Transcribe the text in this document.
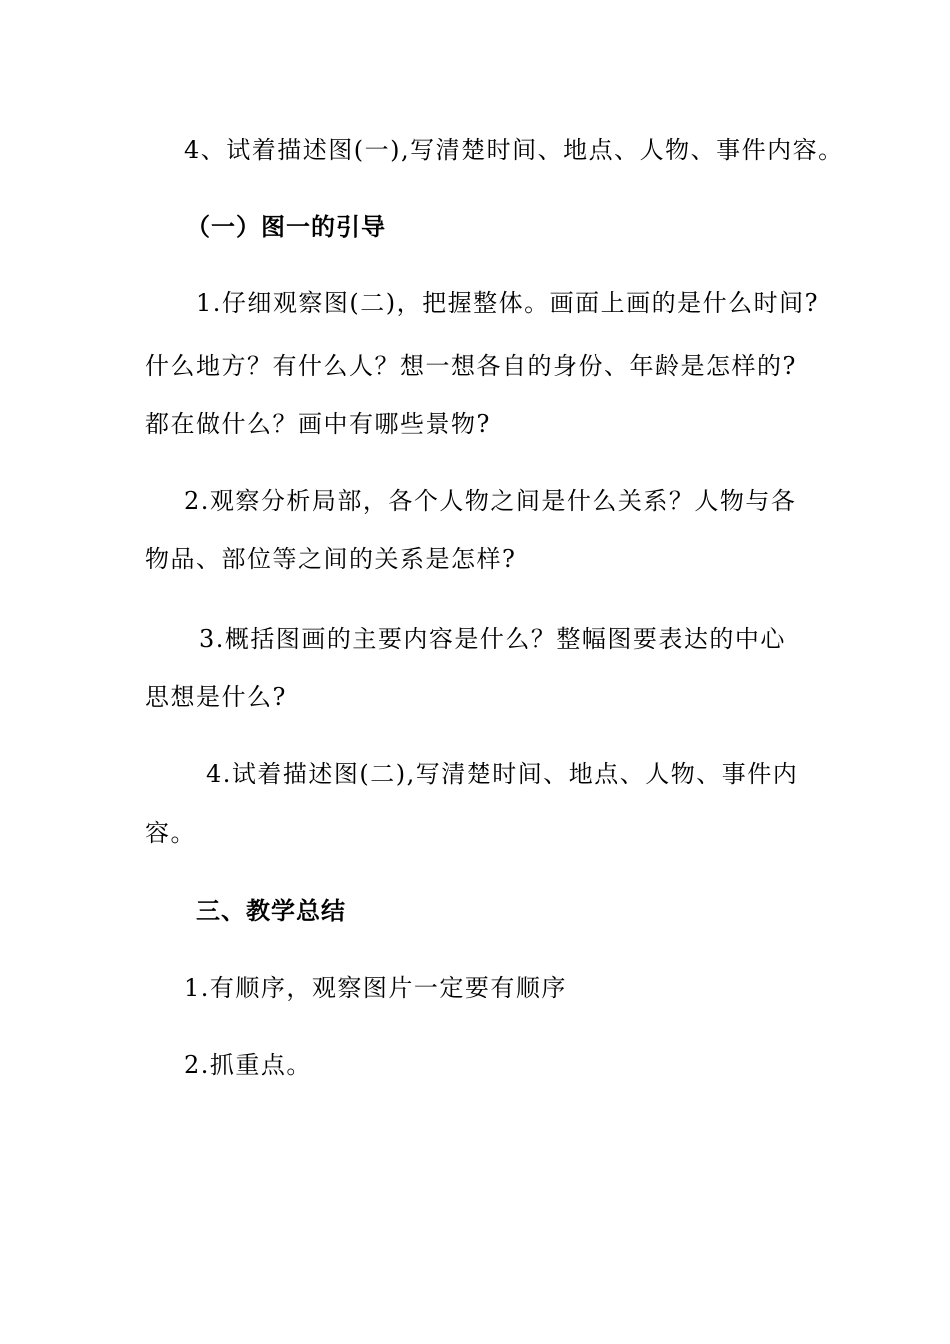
4、试着描述图(一),写清楚时间、地点、人物、事件内容。
（一）图一的引导
1.仔细观察图(二)，把握整体。画面上画的是什么时间?
什么地方？有什么人？想一想各自的身份、年龄是怎样的?
都在做什么？画中有哪些景物?
2.观察分析局部，各个人物之间是什么关系？人物与各
物品、部位等之间的关系是怎样?
3.概括图画的主要内容是什么？整幅图要表达的中心
思想是什么?
4.试着描述图(二),写清楚时间、地点、人物、事件内
容。
三、教学总结
1.有顺序，观察图片一定要有顺序
2.抓重点。
